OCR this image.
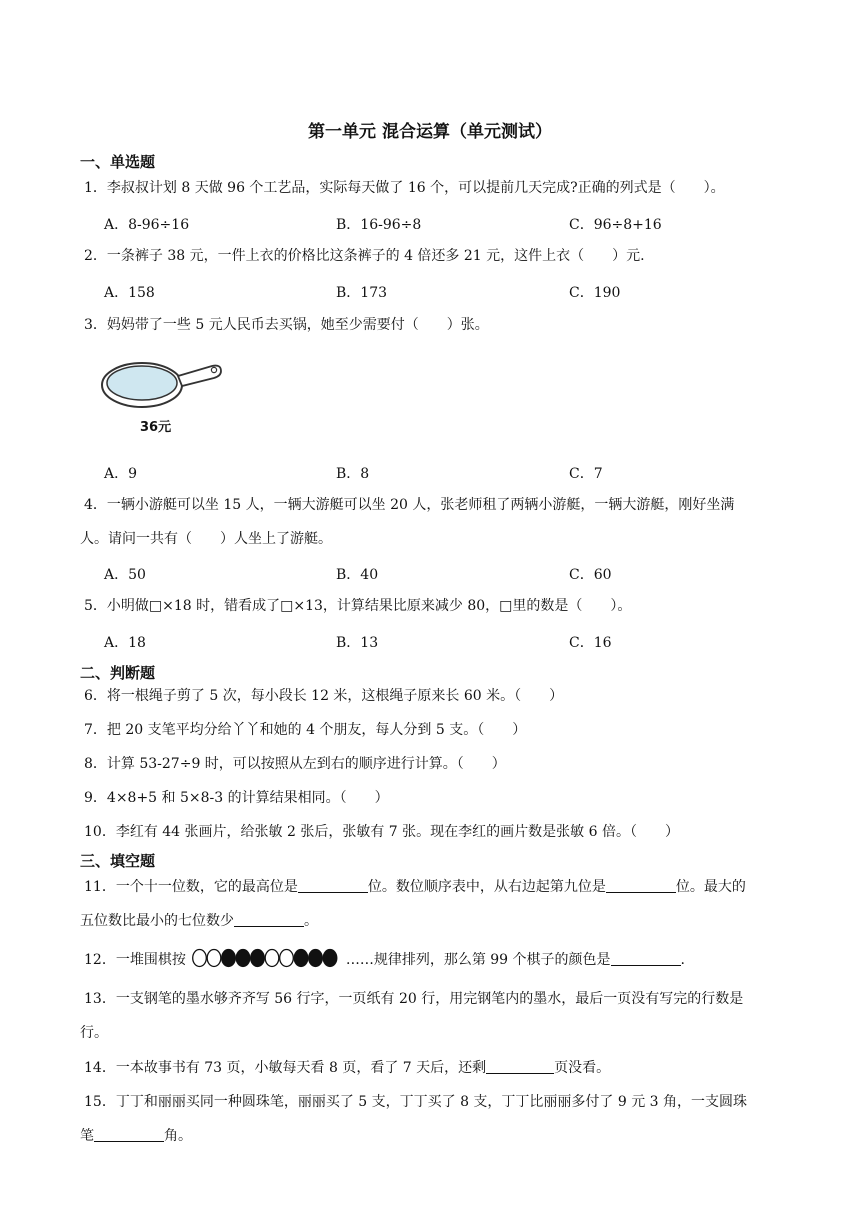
第一单元 混合运算（单元测试）
一、单选题
1．李叔叔计划 8 天做 96 个工艺品，实际每天做了 16 个，可以提前几天完成?正确的列式是（　　）。
A．8-96÷16	B．16-96÷8	C．96÷8+16
2．一条裤子 38 元，一件上衣的价格比这条裤子的 4 倍还多 21 元，这件上衣（　　）元.
A．158	B．173	C．190
3．妈妈带了一些 5 元人民币去买锅，她至少需要付（　　）张。
36元
A．9	B．8	C．7
4．一辆小游艇可以坐 15 人，一辆大游艇可以坐 20 人，张老师租了两辆小游艇，一辆大游艇，刚好坐满
人。请问一共有（　　）人坐上了游艇。
A．50	B．40	C．60
5．小明做□×18 时，错看成了□×13，计算结果比原来减少 80，□里的数是（　　）。
A．18	B．13	C．16
二、判断题
6．将一根绳子剪了 5 次，每小段长 12 米，这根绳子原来长 60 米。（　　）
7．把 20 支笔平均分给丫丫和她的 4 个朋友，每人分到 5 支。（　　）
8．计算 53-27÷9 时，可以按照从左到右的顺序进行计算。（　　）
9．4×8+5 和 5×8-3 的计算结果相同。（　　）
10．李红有 44 张画片，给张敏 2 张后，张敏有 7 张。现在李红的画片数是张敏 6 倍。（　　）
三、填空题
11．一个十一位数，它的最高位是	位。数位顺序表中，从右边起第九位是	位。最大的
五位数比最小的七位数少	。
12．一堆围棋按	……规律排列，那么第 99 个棋子的颜色是	.
13．一支钢笔的墨水够齐齐写 56 行字，一页纸有 20 行，用完钢笔内的墨水，最后一页没有写完的行数是
行。
14．一本故事书有 73 页，小敏每天看 8 页，看了 7 天后，还剩	页没看。
15．丁丁和丽丽买同一种圆珠笔，丽丽买了 5 支，丁丁买了 8 支，丁丁比丽丽多付了 9 元 3 角，一支圆珠
笔	角。
